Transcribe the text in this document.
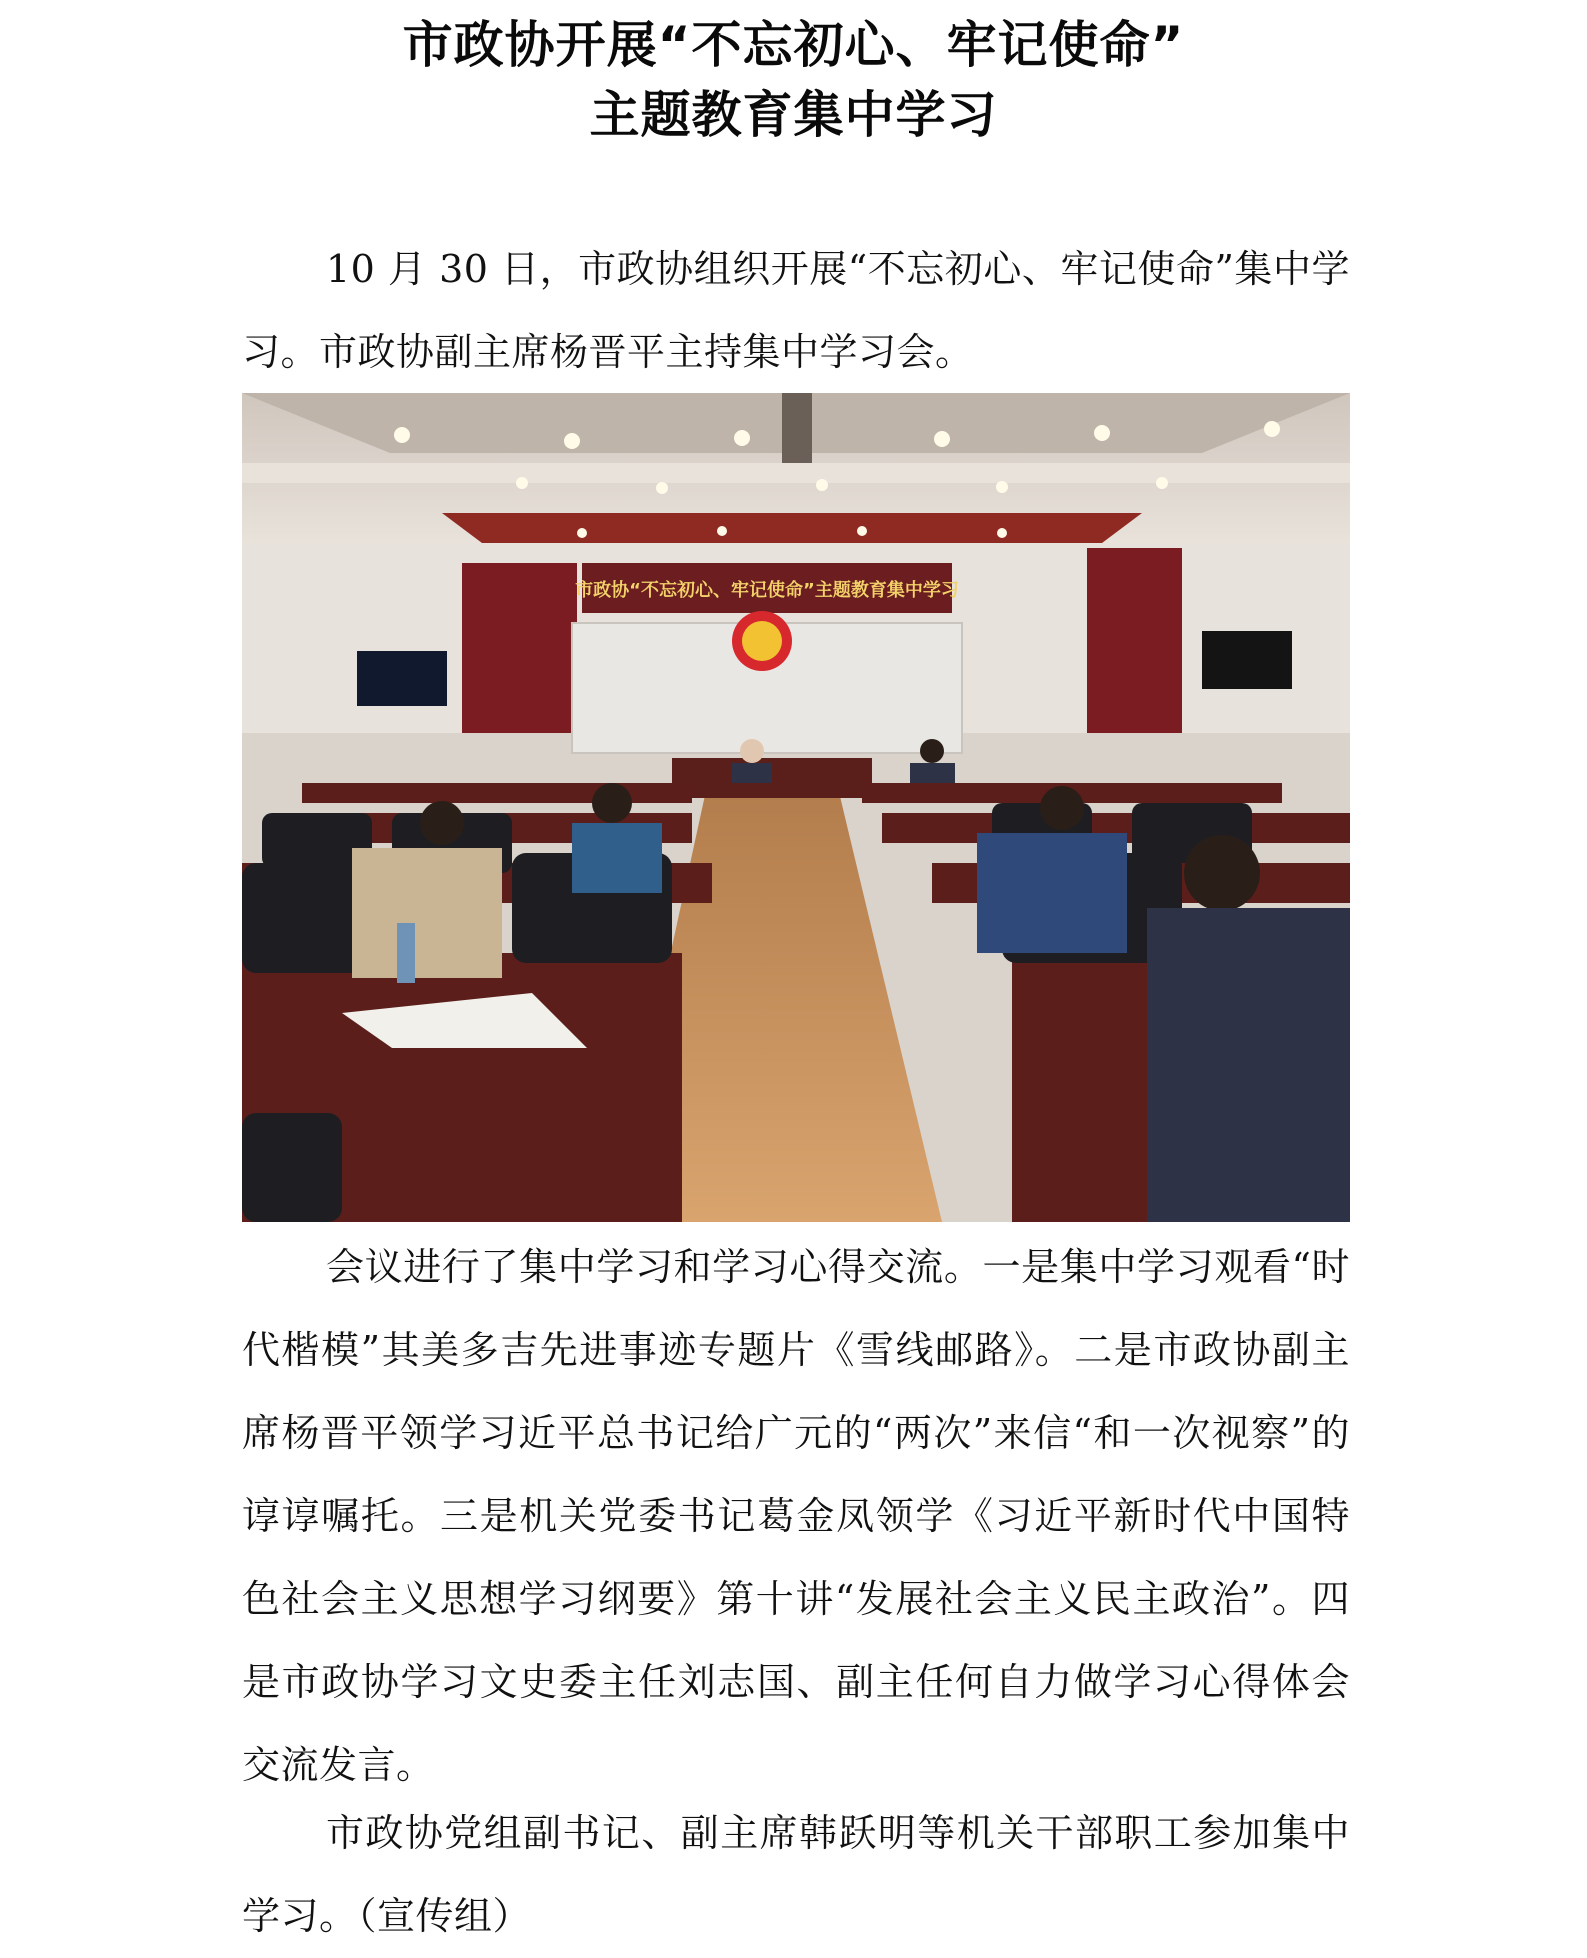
市政协开展“不忘初心、牢记使命”
主题教育集中学习

10 月 30 日，市政协组织开展“不忘初心、牢记使命”集中学习。市政协副主席杨晋平主持集中学习会。

市政协“不忘初心、牢记使命”主题教育集中学习

会议进行了集中学习和学习心得交流。一是集中学习观看“时代楷模”其美多吉先进事迹专题片《雪线邮路》。二是市政协副主席杨晋平领学习近平总书记给广元的“两次”来信“和一次视察”的谆谆嘱托。三是机关党委书记葛金凤领学《习近平新时代中国特色社会主义思想学习纲要》第十讲“发展社会主义民主政治”。四是市政协学习文史委主任刘志国、副主任何自力做学习心得体会交流发言。

市政协党组副书记、副主席韩跃明等机关干部职工参加集中学习。（宣传组）
